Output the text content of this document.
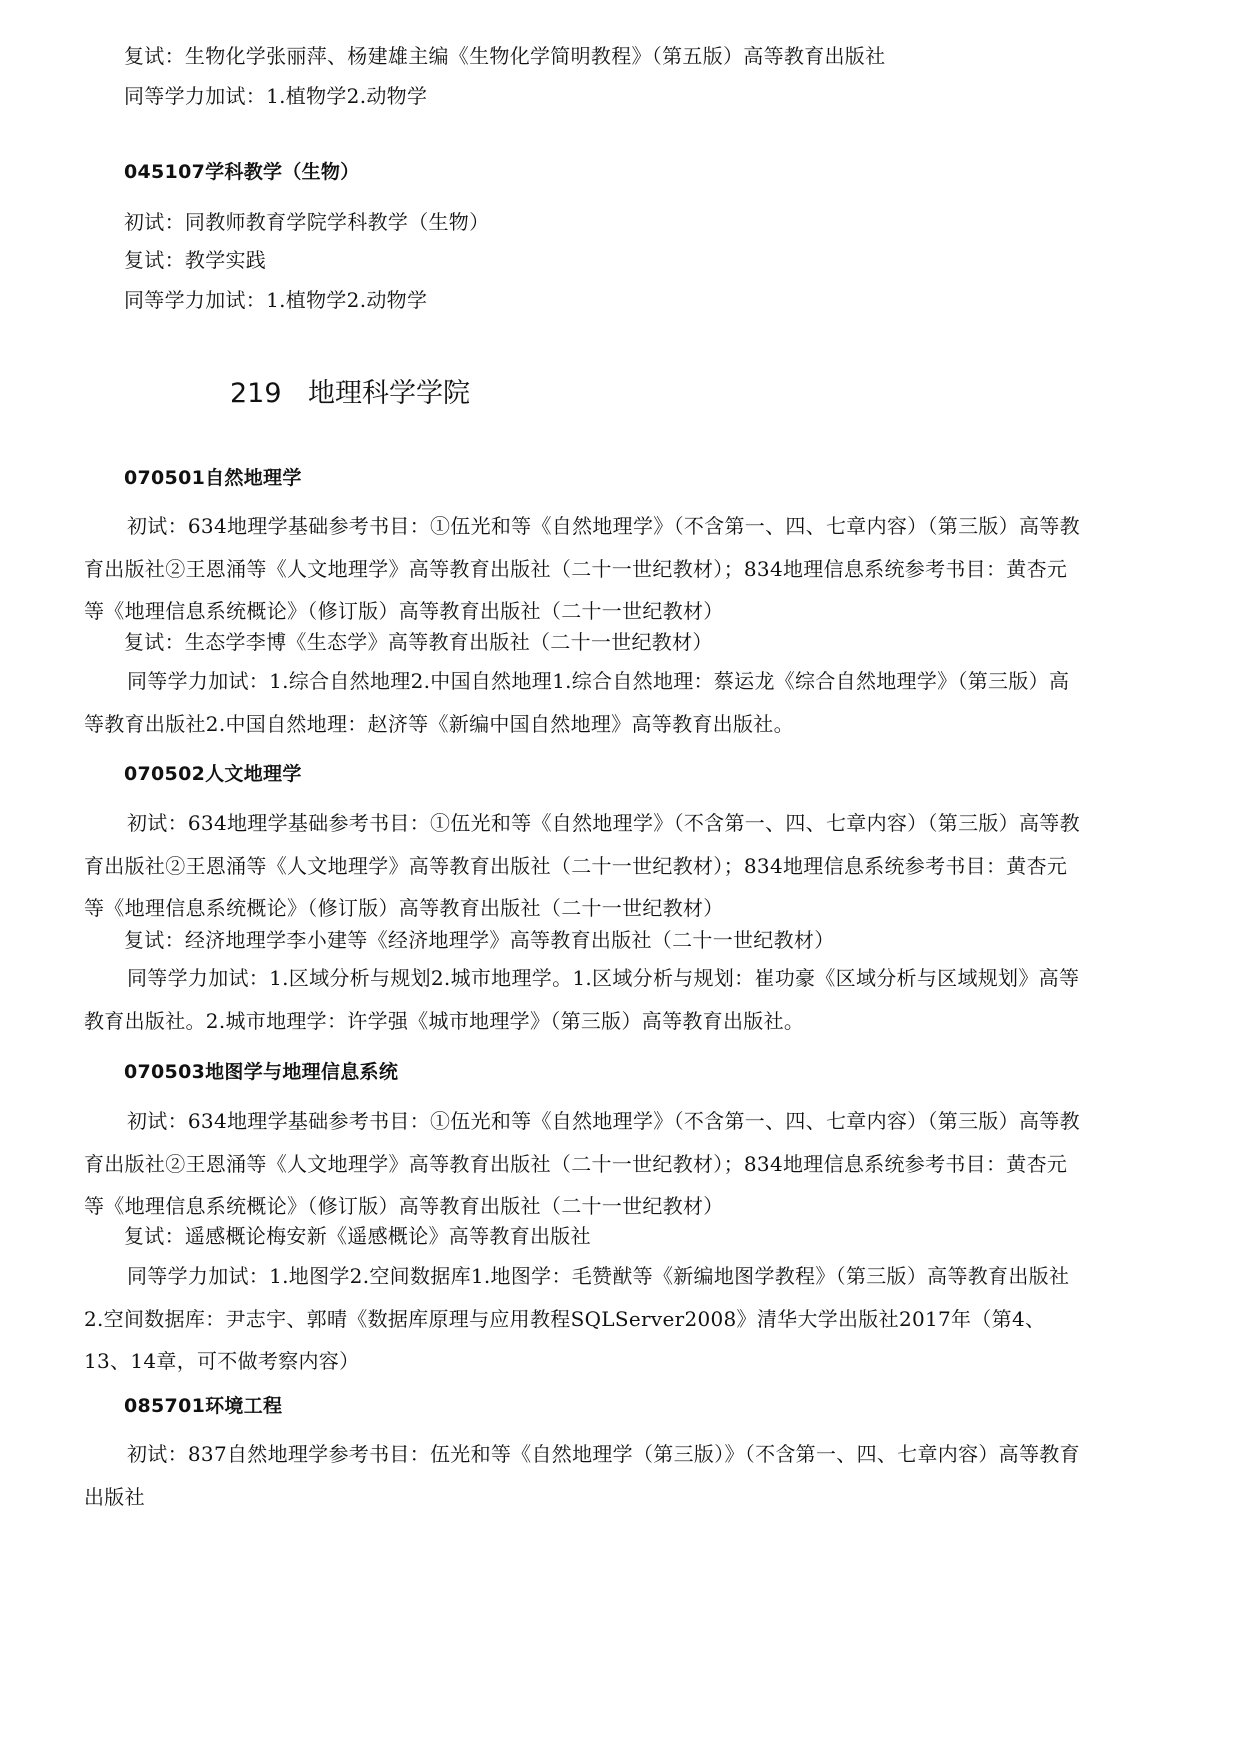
复试：生物化学张丽萍、杨建雄主编《生物化学简明教程》（第五版）高等教育出版社
同等学力加试：1.植物学2.动物学
045107学科教学（生物）
初试：同教师教育学院学科教学（生物）
复试：教学实践
同等学力加试：1.植物学2.动物学
219 地理科学学院
070501自然地理学
初试：634地理学基础参考书目：①伍光和等《自然地理学》（不含第一、四、七章内容）（第三版）高等教育出版社②王恩涌等《人文地理学》高等教育出版社（二十一世纪教材）；834地理信息系统参考书目：黄杏元等《地理信息系统概论》（修订版）高等教育出版社（二十一世纪教材）
复试：生态学李博《生态学》高等教育出版社（二十一世纪教材）
同等学力加试：1.综合自然地理2.中国自然地理1.综合自然地理：蔡运龙《综合自然地理学》（第三版）高等教育出版社2.中国自然地理：赵济等《新编中国自然地理》高等教育出版社。
070502人文地理学
初试：634地理学基础参考书目：①伍光和等《自然地理学》（不含第一、四、七章内容）（第三版）高等教育出版社②王恩涌等《人文地理学》高等教育出版社（二十一世纪教材）；834地理信息系统参考书目：黄杏元等《地理信息系统概论》（修订版）高等教育出版社（二十一世纪教材）
复试：经济地理学李小建等《经济地理学》高等教育出版社（二十一世纪教材）
同等学力加试：1.区域分析与规划2.城市地理学。1.区域分析与规划：崔功豪《区域分析与区域规划》高等教育出版社。2.城市地理学：许学强《城市地理学》（第三版）高等教育出版社。
070503地图学与地理信息系统
初试：634地理学基础参考书目：①伍光和等《自然地理学》（不含第一、四、七章内容）（第三版）高等教育出版社②王恩涌等《人文地理学》高等教育出版社（二十一世纪教材）；834地理信息系统参考书目：黄杏元等《地理信息系统概论》（修订版）高等教育出版社（二十一世纪教材）
复试：遥感概论梅安新《遥感概论》高等教育出版社
同等学力加试：1.地图学2.空间数据库1.地图学：毛赞猷等《新编地图学教程》（第三版）高等教育出版社2.空间数据库：尹志宇、郭晴《数据库原理与应用教程SQLServer2008》清华大学出版社2017年（第4、13、14章，可不做考察内容）
085701环境工程
初试：837自然地理学参考书目：伍光和等《自然地理学（第三版）》（不含第一、四、七章内容）高等教育出版社
